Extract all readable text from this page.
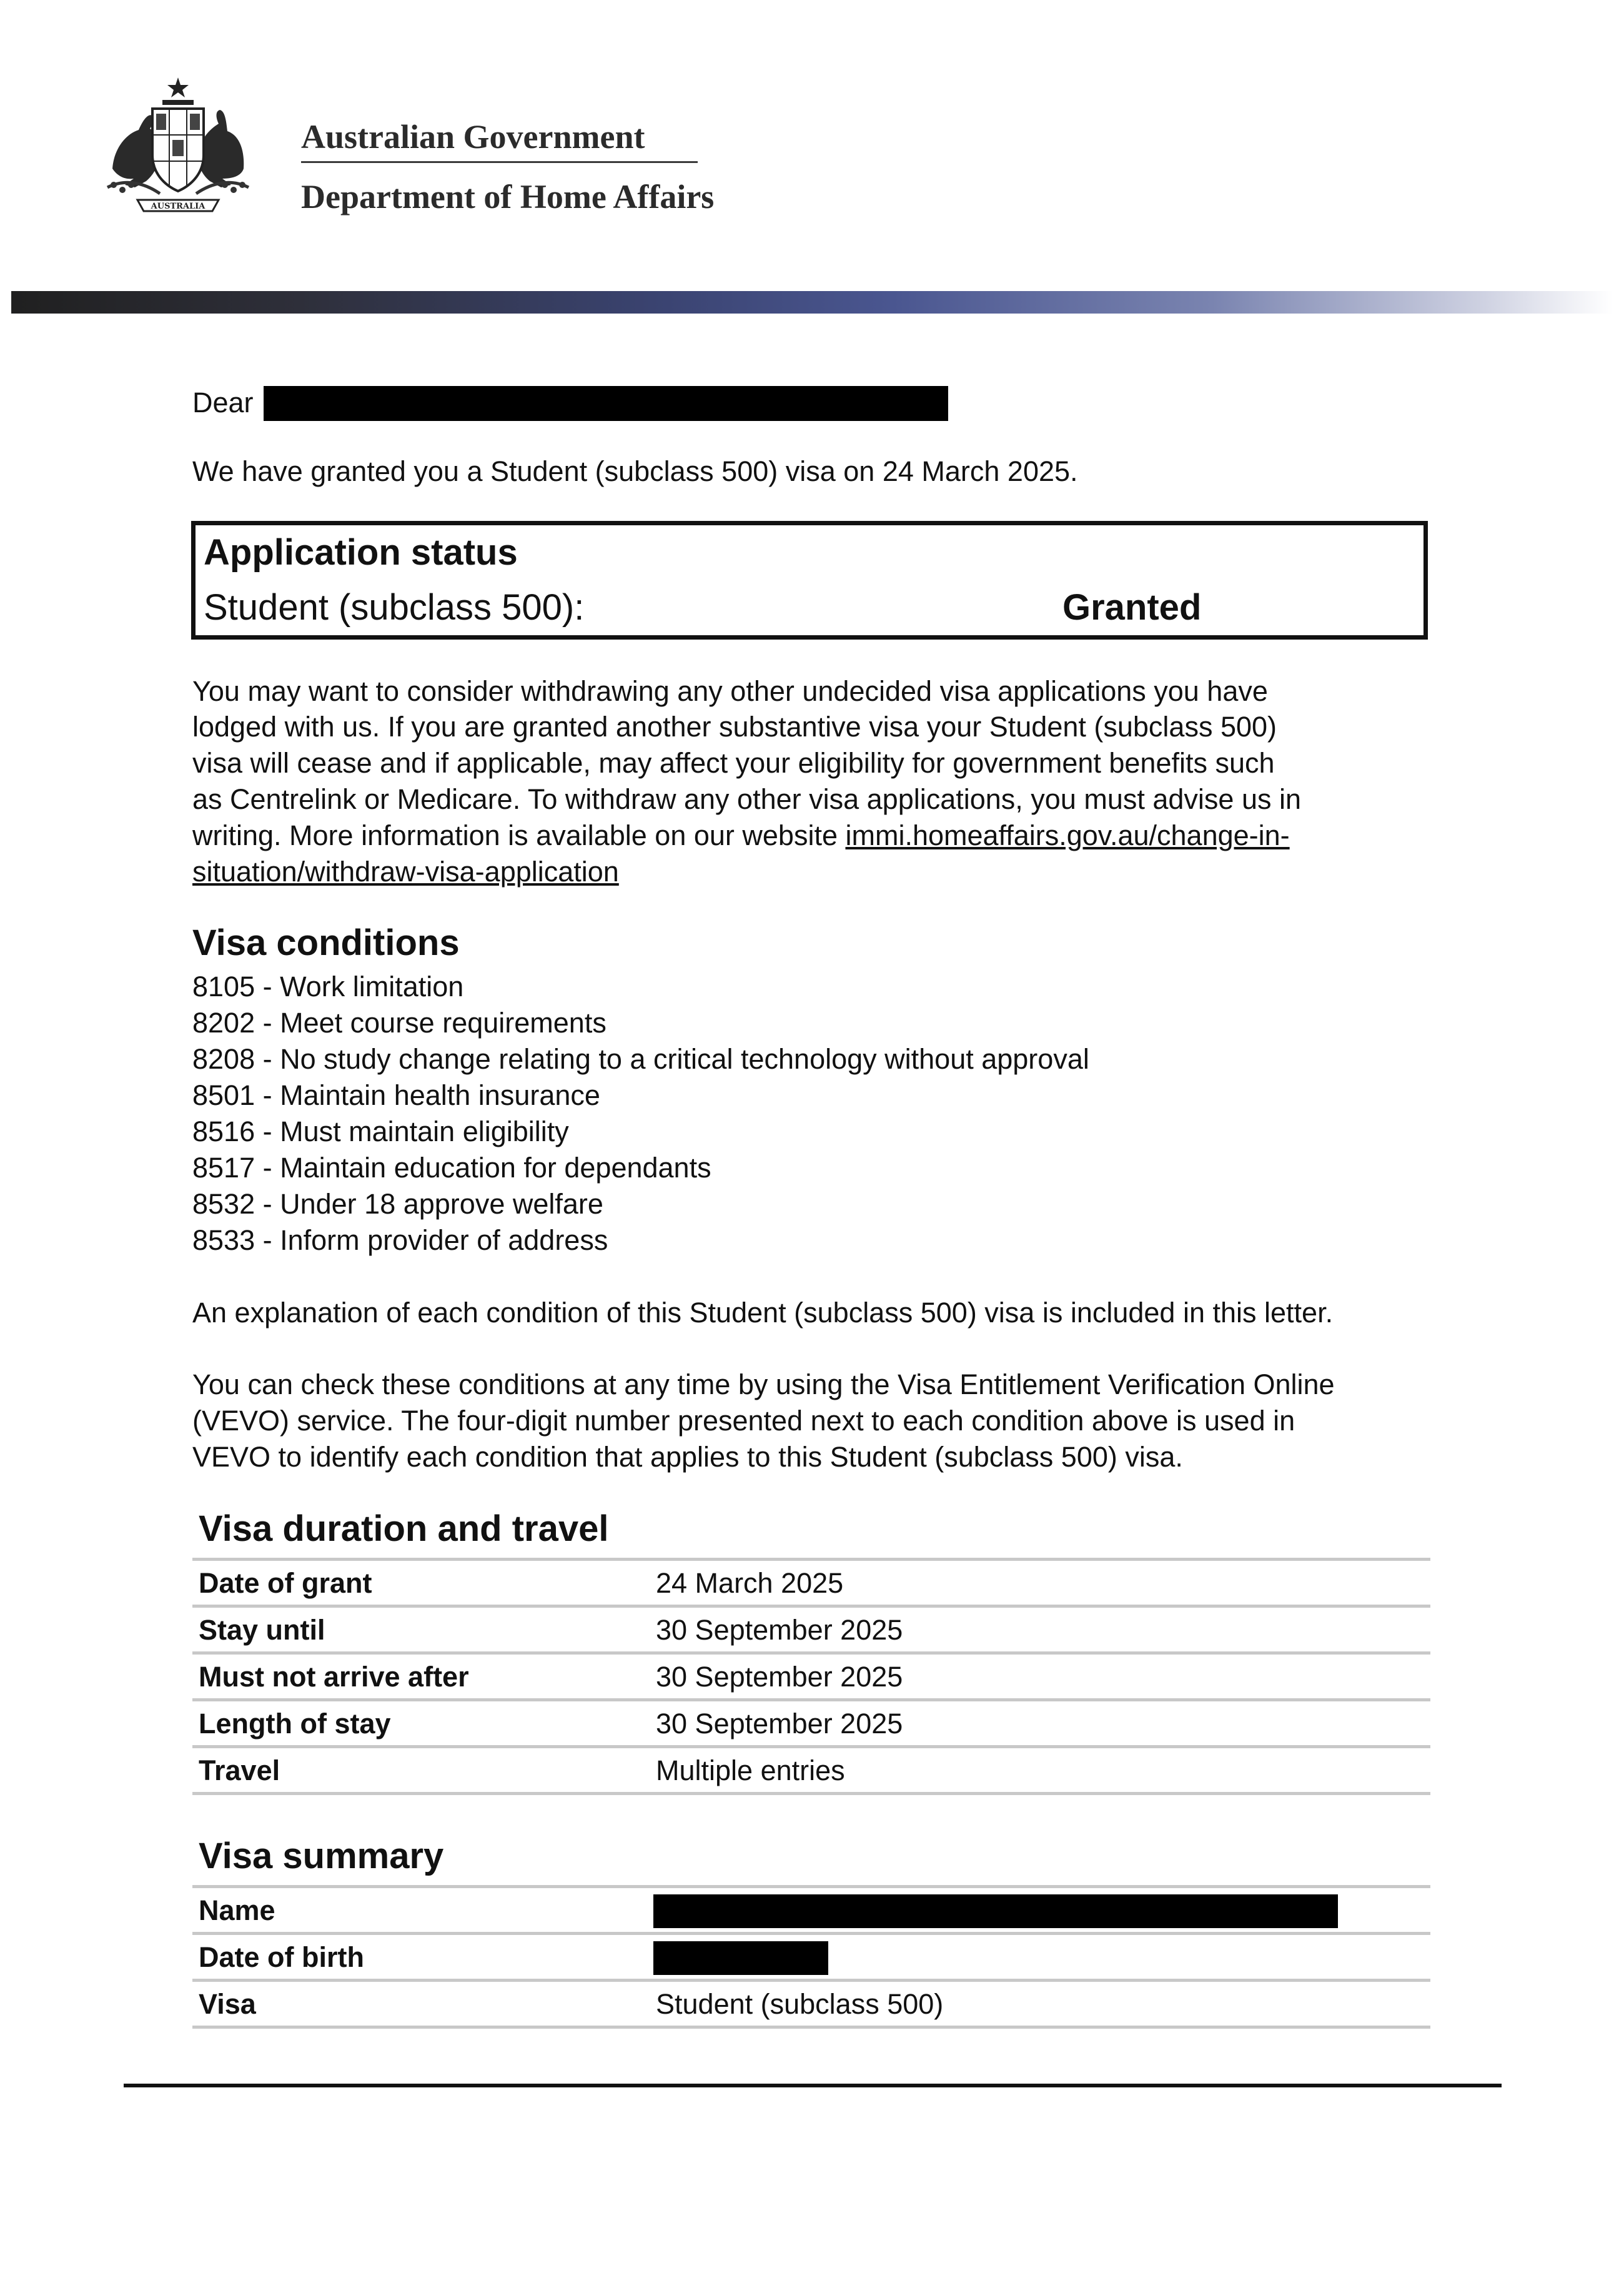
AUSTRALIA
Australian Government
Department of Home Affairs
Dear
We have granted you a Student (subclass 500) visa on 24 March 2025.
Application status
Student (subclass 500):	Granted
You may want to consider withdrawing any other undecided visa applications you have
lodged with us. If you are granted another substantive visa your Student (subclass 500)
visa will cease and if applicable, may affect your eligibility for government benefits such
as Centrelink or Medicare. To withdraw any other visa applications, you must advise us in
writing. More information is available on our website immi.homeaffairs.gov.au/change-in-
situation/withdraw-visa-application
Visa conditions
8105 - Work limitation
8202 - Meet course requirements
8208 - No study change relating to a critical technology without approval
8501 - Maintain health insurance
8516 - Must maintain eligibility
8517 - Maintain education for dependants
8532 - Under 18 approve welfare
8533 - Inform provider of address
An explanation of each condition of this Student (subclass 500) visa is included in this letter.
You can check these conditions at any time by using the Visa Entitlement Verification Online
(VEVO) service. The four-digit number presented next to each condition above is used in
VEVO to identify each condition that applies to this Student (subclass 500) visa.
Visa duration and travel
Date of grant	24 March 2025
Stay until	30 September 2025
Must not arrive after	30 September 2025
Length of stay	30 September 2025
Travel	Multiple entries
Visa summary
Name
Date of birth
Visa	Student (subclass 500)
